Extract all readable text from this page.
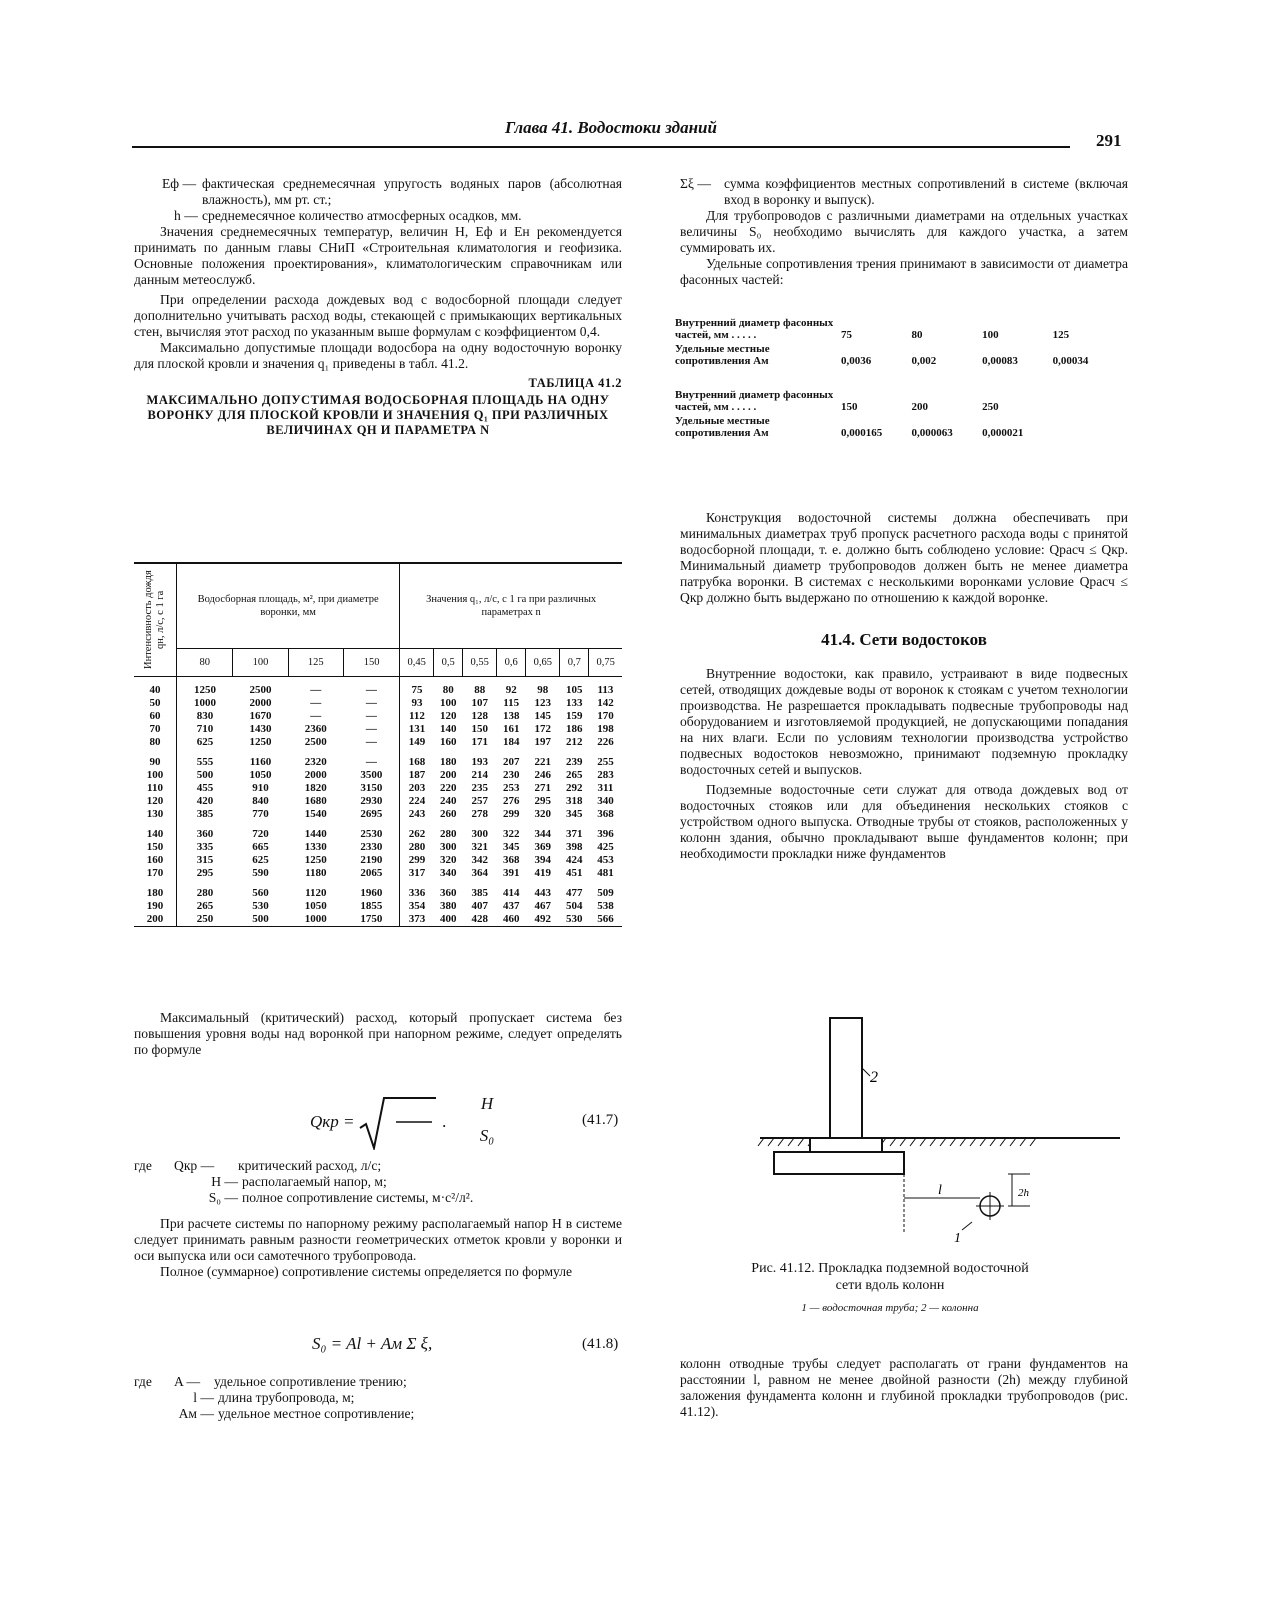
Глава 41. Водостоки зданий
291
Eф — фактическая среднемесячная упругость водяных паров (абсолютная влажность), мм рт. ст.;
h — среднемесячное количество атмосферных осадков, мм.

Значения среднемесячных температур, величин H, Eф и Eн рекомендуется принимать по данным главы СНиП «Строительная климатология и геофизика. Основные положения проектирования», климатологическим справочникам или данным метеослужб.

При определении расхода дождевых вод с водосборной площади следует дополнительно учитывать расход воды, стекающей с примыкающих вертикальных стен, вычисляя этот расход по указанным выше формулам с коэффициентом 0,4.

Максимально допустимые площади водосбора на одну водосточную воронку для плоской кровли и значения q₁ приведены в табл. 41.2.

ТАБЛИЦА 41.2
МАКСИМАЛЬНО ДОПУСТИМАЯ ВОДОСБОРНАЯ ПЛОЩАДЬ НА ОДНУ ВОРОНКУ ДЛЯ ПЛОСКОЙ КРОВЛИ И ЗНАЧЕНИЯ Q₁ ПРИ РАЗЛИЧНЫХ ВЕЛИЧИНАХ QН И ПАРАМЕТРА N
Интенсивность дождя qн, л/с, с 1 га	Водосборная площадь, м², при диаметре воронки, мм				Значения q₁, л/с, с 1 га при различных параметрах n						
	80	100	125	150	0,45	0,5	0,55	0,6	0,65	0,7	0,75

40	1250	2500	—	—	75	80	88	92	98	105	113
50	1000	2000	—	—	93	100	107	115	123	133	142
60	830	1670	—	—	112	120	128	138	145	159	170
70	710	1430	2360	—	131	140	150	161	172	186	198
80	625	1250	2500	—	149	160	171	184	197	212	226

90	555	1160	2320	—	168	180	193	207	221	239	255
100	500	1050	2000	3500	187	200	214	230	246	265	283
110	455	910	1820	3150	203	220	235	253	271	292	311
120	420	840	1680	2930	224	240	257	276	295	318	340
130	385	770	1540	2695	243	260	278	299	320	345	368

140	360	720	1440	2530	262	280	300	322	344	371	396
150	335	665	1330	2330	280	300	321	345	369	398	425
160	315	625	1250	2190	299	320	342	368	394	424	453
170	295	590	1180	2065	317	340	364	391	419	451	481

180	280	560	1120	1960	336	360	385	414	443	477	509
190	265	530	1050	1855	354	380	407	437	467	504	538
200	250	500	1000	1750	373	400	428	460	492	530	566

Максимальный (критический) расход, который пропускает система без повышения уровня воды над воронкой при напорном режиме, следует определять по формуле

Qкр =
H
S₀
.	(41.7)
где	Qкр —	критический расход, л/с;
H — располагаемый напор, м;
S₀ — полное сопротивление системы, м·с²/л².

При расчете системы по напорному режиму располагаемый напор H в системе следует принимать равным разности геометрических отметок кровли у воронки и оси выпуска или оси самотечного трубопровода.

Полное (суммарное) сопротивление системы определяется по формуле

S₀ = Al + Aм Σ ξ,	(41.8)
где	A —	удельное сопротивление трению;
l — длина трубопровода, м;
Aм — удельное местное сопротивление;
Σξ — сумма коэффициентов местных сопротивлений в системе (включая вход в воронку и выпуск).

Для трубопроводов с различными диаметрами на отдельных участках величины S₀ необходимо вычислять для каждого участка, а затем суммировать их.

Удельные сопротивления трения принимают в зависимости от диаметра фасонных частей:

Внутренний диаметр фасонных частей, мм . . . . .	75	80	100	125
Удельные местные сопротивления Aм	0,0036	0,002	0,00083	0,00034

Внутренний диаметр фасонных частей, мм . . . . .	150	200	250	
Удельные местные сопротивления Aм	0,000165	0,000063	0,000021	

Конструкция водосточной системы должна обеспечивать при минимальных диаметрах труб пропуск расчетного расхода воды с принятой водосборной площади, т. е. должно быть соблюдено условие: Qрасч ≤ Qкр. Минимальный диаметр трубопроводов должен быть не менее диаметра патрубка воронки. В системах с несколькими воронками условие Qрасч ≤ Qкр должно быть выдержано по отношению к каждой воронке.

41.4. Сети водостоков

Внутренние водостоки, как правило, устраивают в виде подвесных сетей, отводящих дождевые воды от воронок к стоякам с учетом технологии производства. Не разрешается прокладывать подвесные трубопроводы над оборудованием и изготовляемой продукцией, не допускающими попадания на них влаги. Если по условиям технологии производства устройство подвесных водостоков невозможно, принимают подземную прокладку водосточных сетей и выпусков.

Подземные водосточные сети служат для отвода дождевых вод от водосточных стояков или для объединения нескольких стояков с устройством одного выпуска. Отводные трубы от стояков, расположенных у колонн здания, обычно прокладывают выше фундаментов колонн; при необходимости прокладки ниже фундаментов

2
l	2h
1
Рис. 41.12. Прокладка подземной водосточной сети вдоль колонн
1 — водосточная труба; 2 — колонна

колонн отводные трубы следует располагать от грани фундаментов на расстоянии l, равном не менее двойной разности (2h) между глубиной заложения фундамента колонн и глубиной прокладки трубопроводов (рис. 41.12).
